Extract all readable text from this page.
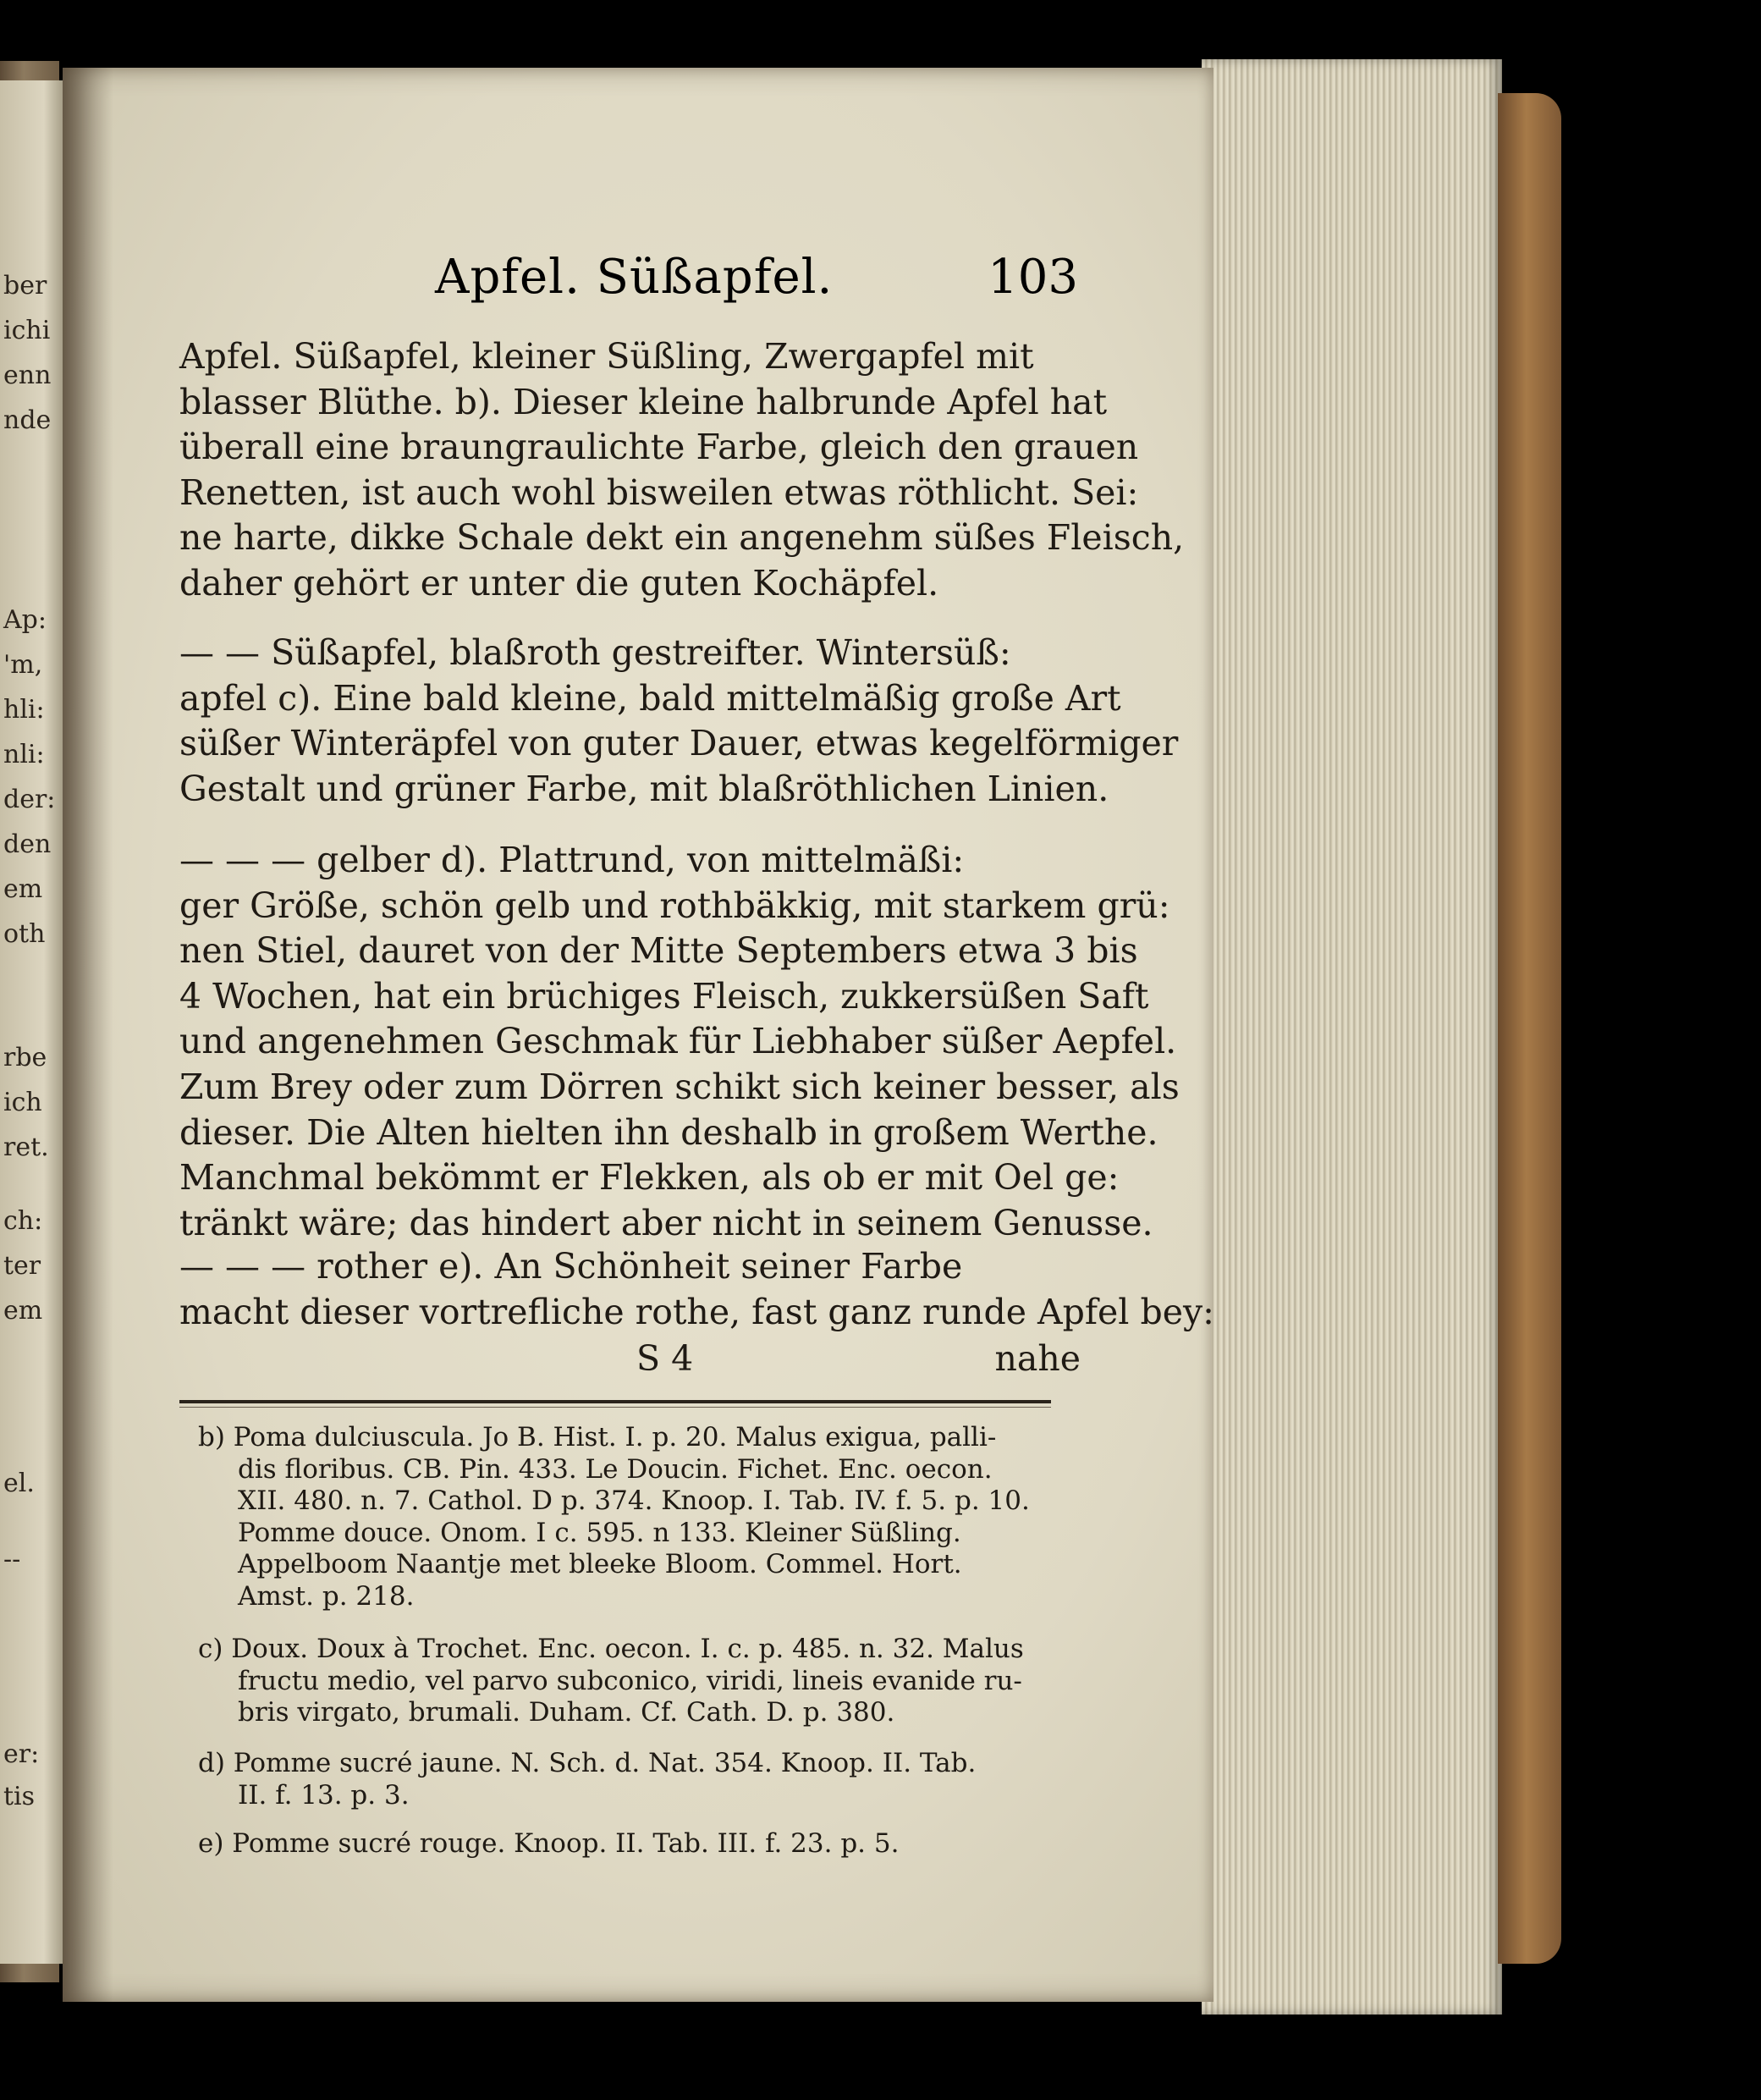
ber
ichi
enn
nde
Ap:
'm,
hli:
nli:
der:
den
em
oth
rbe
ich
ret.
ch:
ter
em
el.
--
er:
tis
Apfel. Süßapfel.	103
Apfel. Süßapfel, kleiner Süßling, Zwergapfel mit
blasser Blüthe. b). Dieser kleine halbrunde Apfel hat
überall eine braungraulichte Farbe, gleich den grauen
Renetten, ist auch wohl bisweilen etwas röthlicht. Sei:
ne harte, dikke Schale dekt ein angenehm süßes Fleisch,
daher gehört er unter die guten Kochäpfel.
— — Süßapfel, blaßroth gestreifter. Wintersüß:
apfel c). Eine bald kleine, bald mittelmäßig große Art
süßer Winteräpfel von guter Dauer, etwas kegelförmiger
Gestalt und grüner Farbe, mit blaßröthlichen Linien.
— — — gelber d). Plattrund, von mittelmäßi:
ger Größe, schön gelb und rothbäkkig, mit starkem grü:
nen Stiel, dauret von der Mitte Septembers etwa 3 bis
4 Wochen, hat ein brüchiges Fleisch, zukkersüßen Saft
und angenehmen Geschmak für Liebhaber süßer Aepfel.
Zum Brey oder zum Dörren schikt sich keiner besser, als
dieser. Die Alten hielten ihn deshalb in großem Werthe.
Manchmal bekömmt er Flekken, als ob er mit Oel ge:
tränkt wäre; das hindert aber nicht in seinem Genusse.
— — — rother e). An Schönheit seiner Farbe
macht dieser vortrefliche rothe, fast ganz runde Apfel bey:
S 4	nahe
b) Poma dulciuscula. Jo B. Hist. I. p. 20. Malus exigua, palli-
dis floribus. CB. Pin. 433. Le Doucin. Fichet. Enc. oecon.
XII. 480. n. 7. Cathol. D p. 374. Knoop. I. Tab. IV. f. 5. p. 10.
Pomme douce. Onom. I c. 595. n 133. Kleiner Süßling.
Appelboom Naantje met bleeke Bloom. Commel. Hort.
Amst. p. 218.
c) Doux. Doux à Trochet. Enc. oecon. I. c. p. 485. n. 32. Malus
fructu medio, vel parvo subconico, viridi, lineis evanide ru-
bris virgato, brumali. Duham. Cf. Cath. D. p. 380.
d) Pomme sucré jaune. N. Sch. d. Nat. 354. Knoop. II. Tab.
II. f. 13. p. 3.
e) Pomme sucré rouge. Knoop. II. Tab. III. f. 23. p. 5.
